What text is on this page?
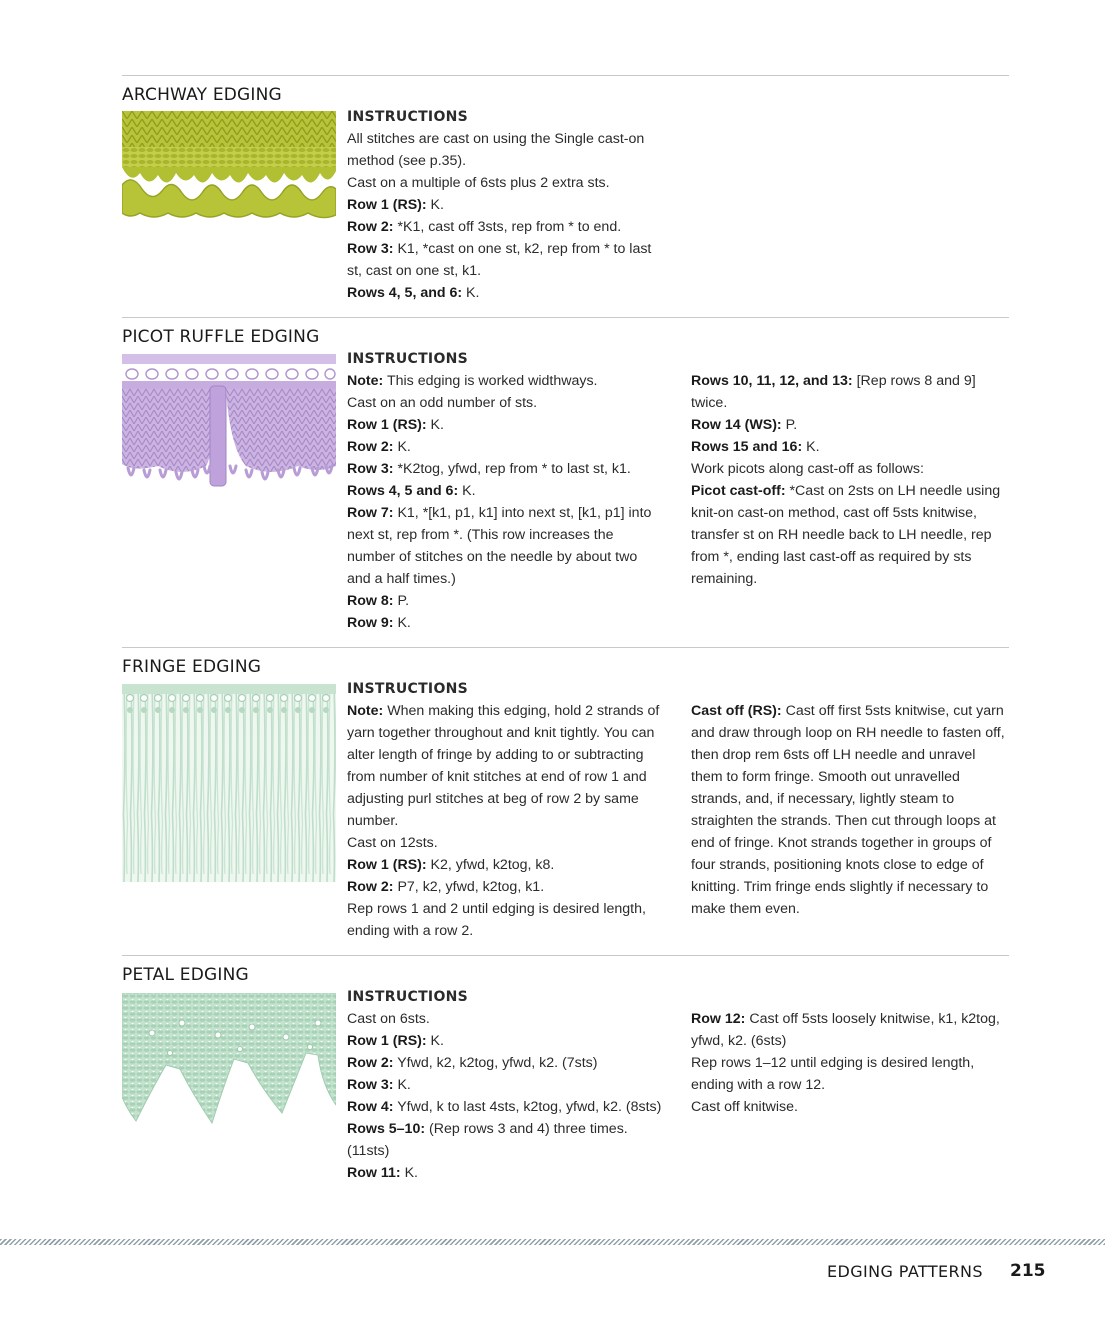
ARCHWAY EDGING

INSTRUCTIONS

All stitches are cast on using the Single cast-on method (see p.35).

Cast on a multiple of 6sts plus 2 extra sts.

Row 1 (RS): K.

Row 2: *K1, cast off 3sts, rep from * to end.

Row 3: K1, *cast on one st, k2, rep from * to last st, cast on one st, k1.

Rows 4, 5, and 6: K.

PICOT RUFFLE EDGING

INSTRUCTIONS

Note: This edging is worked widthways.

Cast on an odd number of sts.

Row 1 (RS): K.

Row 2: K.

Row 3: *K2tog, yfwd, rep from * to last st, k1.

Rows 4, 5 and 6: K.

Row 7: K1, *[k1, p1, k1] into next st, [k1, p1] into next st, rep from *. (This row increases the number of stitches on the needle by about two and a half times.)

Row 8: P.

Row 9: K.

Rows 10, 11, 12, and 13: [Rep rows 8 and 9] twice.

Row 14 (WS): P.

Rows 15 and 16: K.

Work picots along cast-off as follows:

Picot cast-off: *Cast on 2sts on LH needle using knit-on cast-on method, cast off 5sts knitwise, transfer st on RH needle back to LH needle, rep from *, ending last cast-off as required by sts remaining.

FRINGE EDGING

INSTRUCTIONS

Note: When making this edging, hold 2 strands of yarn together throughout and knit tightly. You can alter length of fringe by adding to or subtracting from number of knit stitches at end of row 1 and adjusting purl stitches at beg of row 2 by same number.

Cast on 12sts.

Row 1 (RS): K2, yfwd, k2tog, k8.

Row 2: P7, k2, yfwd, k2tog, k1.

Rep rows 1 and 2 until edging is desired length, ending with a row 2.

Cast off (RS): Cast off first 5sts knitwise, cut yarn and draw through loop on RH needle to fasten off, then drop rem 6sts off LH needle and unravel them to form fringe. Smooth out unravelled strands, and, if necessary, lightly steam to straighten the strands. Then cut through loops at end of fringe. Knot strands together in groups of four strands, positioning knots close to edge of knitting. Trim fringe ends slightly if necessary to make them even.

PETAL EDGING

INSTRUCTIONS

Cast on 6sts.

Row 1 (RS): K.

Row 2: Yfwd, k2, k2tog, yfwd, k2. (7sts)

Row 3: K.

Row 4: Yfwd, k to last 4sts, k2tog, yfwd, k2. (8sts)

Rows 5–10: (Rep rows 3 and 4) three times. (11sts)

Row 11: K.

Row 12: Cast off 5sts loosely knitwise, k1, k2tog, yfwd, k2. (6sts)

Rep rows 1–12 until edging is desired length, ending with a row 12.

Cast off knitwise.

EDGING PATTERNS 215
